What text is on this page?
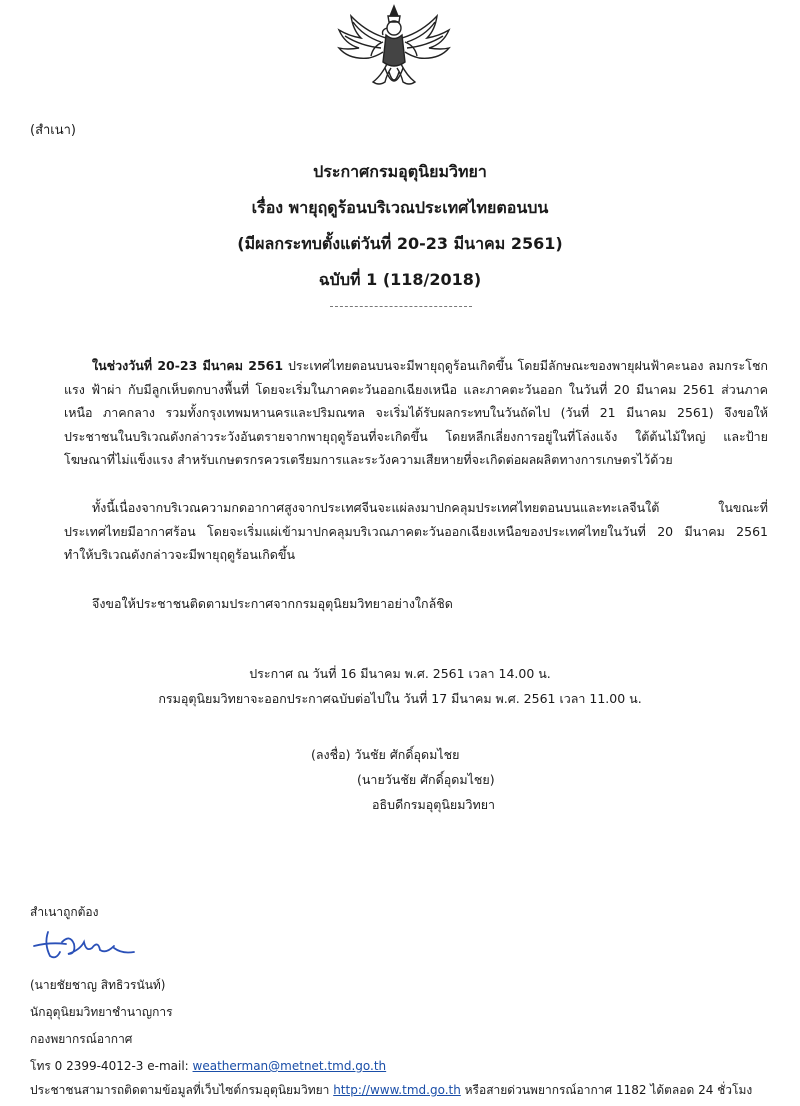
(สำเนา)
ประกาศกรมอุตุนิยมวิทยา
เรื่อง พายุฤดูร้อนบริเวณประเทศไทยตอนบน
(มีผลกระทบตั้งแต่วันที่ 20-23 มีนาคม 2561)
ฉบับที่ 1 (118/2018)
ในช่วงวันที่ 20-23 มีนาคม 2561 ประเทศไทยตอนบนจะมีพายุฤดูร้อนเกิดขึ้น โดยมีลักษณะของพายุฝนฟ้าคะนอง ลมกระโชกแรง ฟ้าผ่า กับมีลูกเห็บตกบางพื้นที่ โดยจะเริ่มในภาคตะวันออกเฉียงเหนือ และภาคตะวันออก ในวันที่ 20 มีนาคม 2561 ส่วนภาคเหนือ ภาคกลาง รวมทั้งกรุงเทพมหานครและปริมณฑล จะเริ่มได้รับผลกระทบในวันถัดไป (วันที่ 21 มีนาคม 2561) จึงขอให้ประชาชนในบริเวณดังกล่าวระวังอันตรายจากพายุฤดูร้อนที่จะเกิดขึ้น โดยหลีกเลี่ยงการอยู่ในที่โล่งแจ้ง ใต้ต้นไม้ใหญ่ และป้ายโฆษณาที่ไม่แข็งแรง สำหรับเกษตรกรควรเตรียมการและระวังความเสียหายที่จะเกิดต่อผลผลิตทางการเกษตรไว้ด้วย
ทั้งนี้เนื่องจากบริเวณความกดอากาศสูงจากประเทศจีนจะแผ่ลงมาปกคลุมประเทศไทยตอนบนและทะเลจีนใต้ ในขณะที่ประเทศไทยมีอากาศร้อน โดยจะเริ่มแผ่เข้ามาปกคลุมบริเวณภาคตะวันออกเฉียงเหนือของประเทศไทยในวันที่ 20 มีนาคม 2561 ทำให้บริเวณดังกล่าวจะมีพายุฤดูร้อนเกิดขึ้น
จึงขอให้ประชาชนติดตามประกาศจากกรมอุตุนิยมวิทยาอย่างใกล้ชิด
ประกาศ ณ วันที่ 16 มีนาคม พ.ศ. 2561 เวลา 14.00 น.
กรมอุตุนิยมวิทยาจะออกประกาศฉบับต่อไปใน วันที่ 17 มีนาคม พ.ศ. 2561 เวลา 11.00 น.
(ลงชื่อ) วันชัย ศักดิ์อุดมไชย
(นายวันชัย ศักดิ์อุดมไชย)
อธิบดีกรมอุตุนิยมวิทยา
สำเนาถูกต้อง
(นายชัยชาญ สิทธิวรนันท์)
นักอุตุนิยมวิทยาชำนาญการ
กองพยากรณ์อากาศ
โทร 0 2399-4012-3 e-mail: weatherman@metnet.tmd.go.th
ประชาชนสามารถติดตามข้อมูลที่เว็บไซต์กรมอุตุนิยมวิทยา http://www.tmd.go.th หรือสายด่วนพยากรณ์อากาศ 1182 ได้ตลอด 24 ชั่วโมง
